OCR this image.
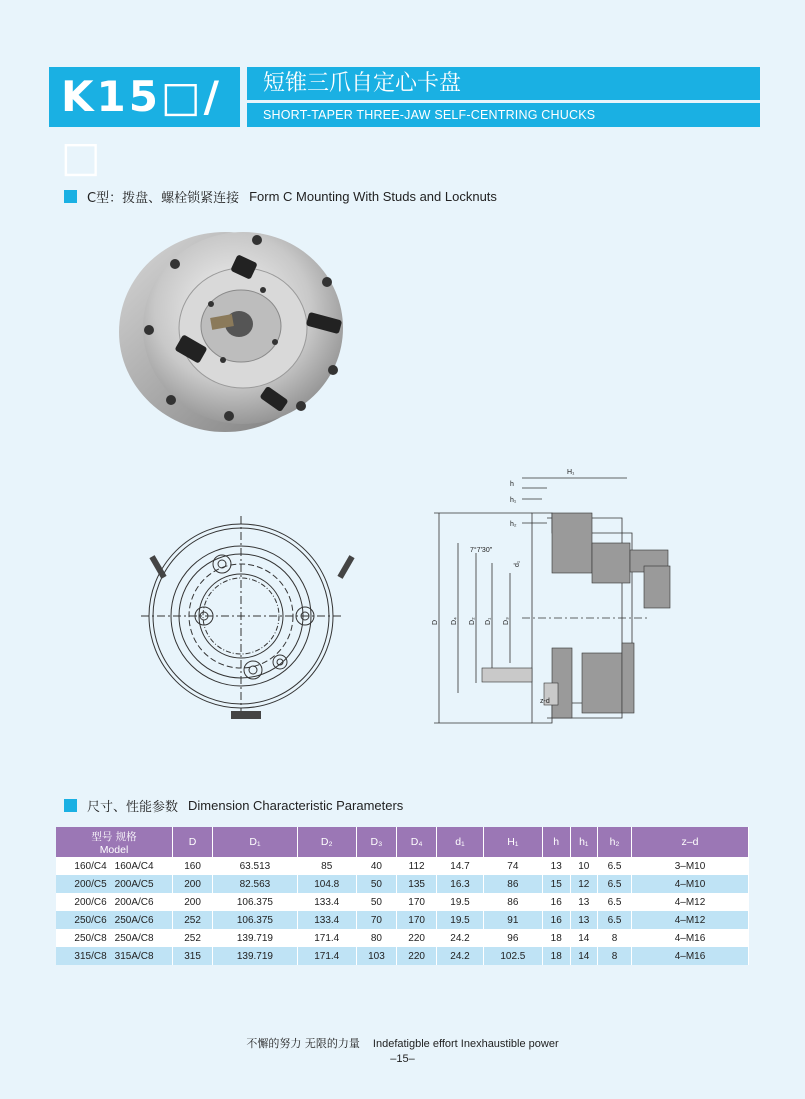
K15□/□
短锥三爪自定心卡盘
SHORT-TAPER THREE-JAW SELF-CENTRING CHUCKS
C型：拨盘、螺栓锁紧连接 Form C Mounting With Studs and Locknuts
H₁
h
h₁
h₂
7°7'30"
d₁
D D₄ D₂ D₁ D₃
z-d
尺寸、性能参数 Dimension Characteristic Parameters
型号 规格
Model	D	D₁	D₂	D₃	D₄	d₁	H₁	h	h₁	h₂	z–d
160/C4 160A/C4	160	63.513	85	40	112	14.7	74	13	10	6.5	3–M10
200/C5 200A/C5	200	82.563	104.8	50	135	16.3	86	15	12	6.5	4–M10
200/C6 200A/C6	200	106.375	133.4	50	170	19.5	86	16	13	6.5	4–M12
250/C6 250A/C6	252	106.375	133.4	70	170	19.5	91	16	13	6.5	4–M12
250/C8 250A/C8	252	139.719	171.4	80	220	24.2	96	18	14	8	4–M16
315/C8 315A/C8	315	139.719	171.4	103	220	24.2	102.5	18	14	8	4–M16
不懈的努力 无限的力量 Indefatigble effort Inexhaustible power
–15–
